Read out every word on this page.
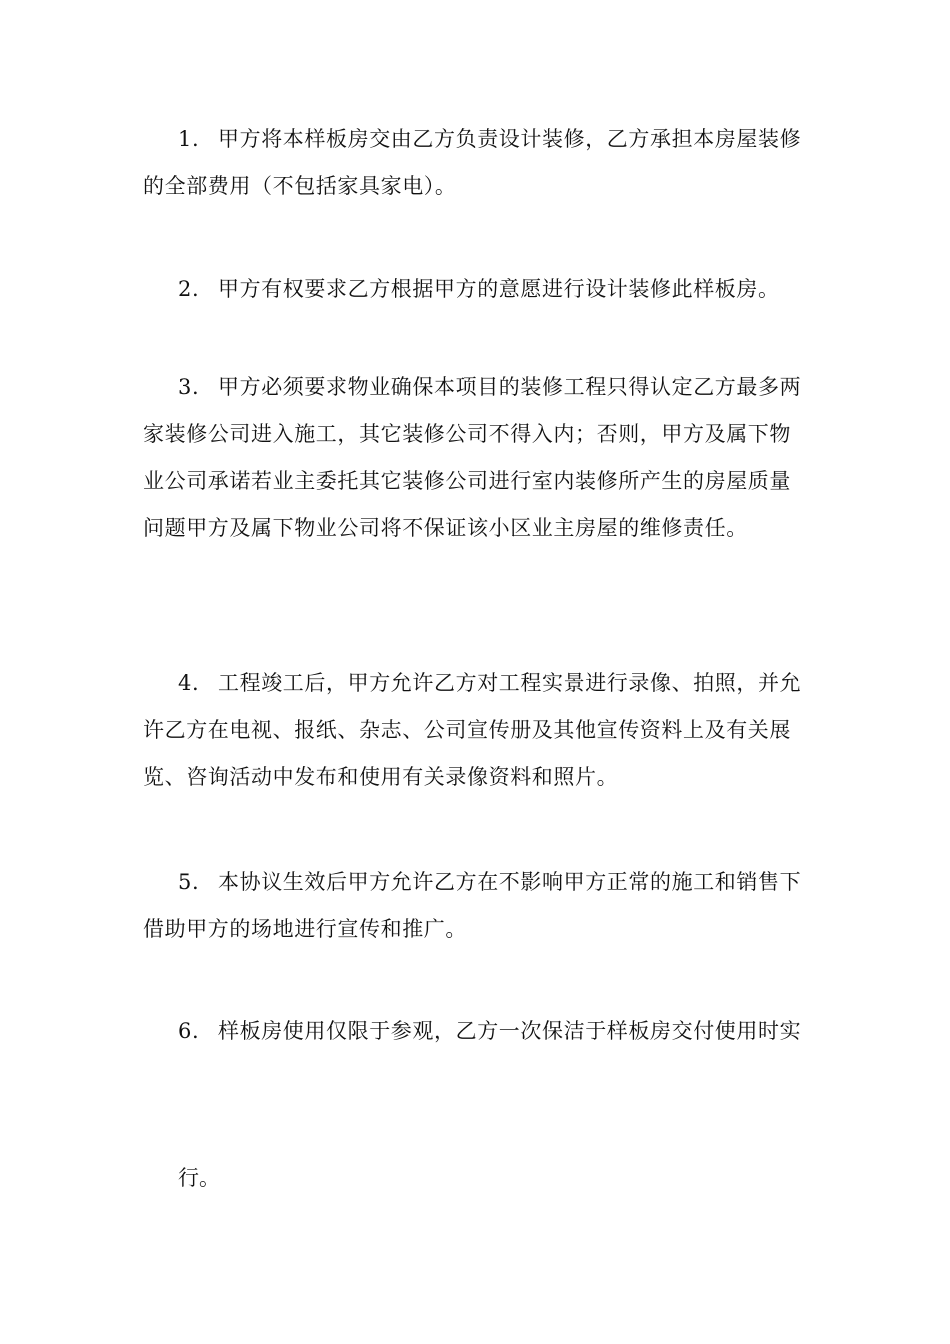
1. 甲方将本样板房交由乙方负责设计装修，乙方承担本房屋装修的全部费用（不包括家具家电）。

2. 甲方有权要求乙方根据甲方的意愿进行设计装修此样板房。

3. 甲方必须要求物业确保本项目的装修工程只得认定乙方最多两家装修公司进入施工，其它装修公司不得入内；否则，甲方及属下物业公司承诺若业主委托其它装修公司进行室内装修所产生的房屋质量问题甲方及属下物业公司将不保证该小区业主房屋的维修责任。

4. 工程竣工后，甲方允许乙方对工程实景进行录像、拍照，并允许乙方在电视、报纸、杂志、公司宣传册及其他宣传资料上及有关展览、咨询活动中发布和使用有关录像资料和照片。

5. 本协议生效后甲方允许乙方在不影响甲方正常的施工和销售下借助甲方的场地进行宣传和推广。

6. 样板房使用仅限于参观，乙方一次保洁于样板房交付使用时实

行。
